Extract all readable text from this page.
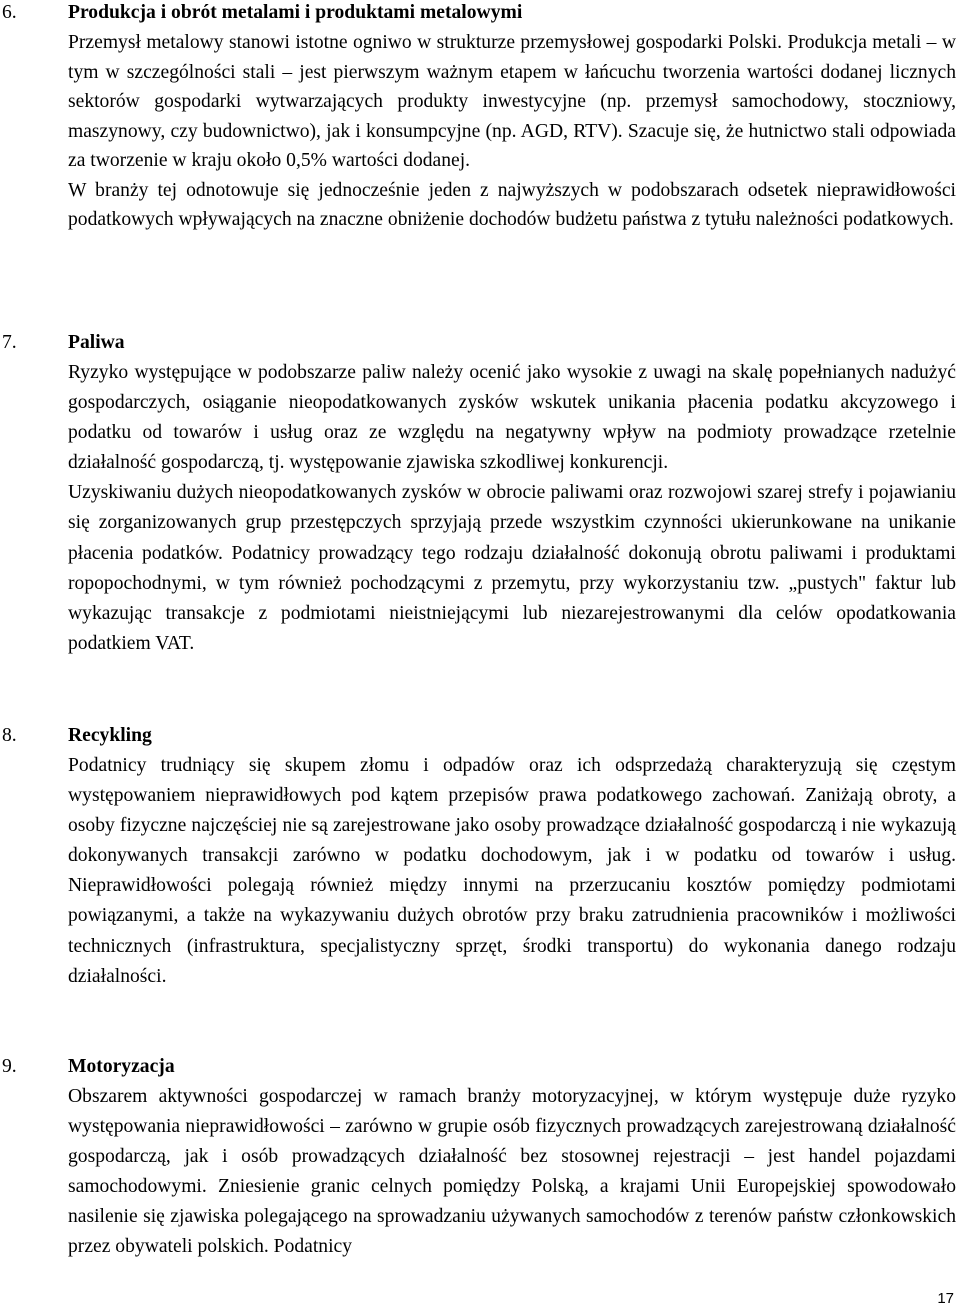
6.	Produkcja i obrót metalami i produktami metalowymi

Przemysł metalowy stanowi istotne ogniwo w strukturze przemysłowej gospodarki Polski. Produkcja metali – w tym w szczególności stali – jest pierwszym ważnym etapem w łańcuchu tworzenia wartości dodanej licznych sektorów gospodarki wytwarzających produkty inwestycyjne (np. przemysł samochodowy, stoczniowy, maszynowy, czy budownictwo), jak i konsumpcyjne (np. AGD, RTV). Szacuje się, że hutnictwo stali odpowiada za tworzenie w kraju około 0,5% wartości dodanej.

W branży tej odnotowuje się jednocześnie jeden z najwyższych w podobszarach odsetek nieprawidłowości podatkowych wpływających na znaczne obniżenie dochodów budżetu państwa z tytułu należności podatkowych.

7.	Paliwa

Ryzyko występujące w podobszarze paliw należy ocenić jako wysokie z uwagi na skalę popełnianych nadużyć gospodarczych, osiąganie nieopodatkowanych zysków wskutek unikania płacenia podatku akcyzowego i podatku od towarów i usług oraz ze względu na negatywny wpływ na podmioty prowadzące rzetelnie działalność gospodarczą, tj. występowanie zjawiska szkodliwej konkurencji.

Uzyskiwaniu dużych nieopodatkowanych zysków w obrocie paliwami oraz rozwojowi szarej strefy i pojawianiu się zorganizowanych grup przestępczych sprzyjają przede wszystkim czynności ukierunkowane na unikanie płacenia podatków. Podatnicy prowadzący tego rodzaju działalność dokonują obrotu paliwami i produktami ropopochodnymi, w tym również pochodzącymi z przemytu, przy wykorzystaniu tzw. „pustych" faktur lub wykazując transakcje z podmiotami nieistniejącymi lub niezarejestrowanymi dla celów opodatkowania podatkiem VAT.

8.	Recykling

Podatnicy trudniący się skupem złomu i odpadów oraz ich odsprzedażą charakteryzują się częstym występowaniem nieprawidłowych pod kątem przepisów prawa podatkowego zachowań. Zaniżają obroty, a osoby fizyczne najczęściej nie są zarejestrowane jako osoby prowadzące działalność gospodarczą i nie wykazują dokonywanych transakcji zarówno w podatku dochodowym, jak i w podatku od towarów i usług. Nieprawidłowości polegają również między innymi na przerzucaniu kosztów pomiędzy podmiotami powiązanymi, a także na wykazywaniu dużych obrotów przy braku zatrudnienia pracowników i możliwości technicznych (infrastruktura, specjalistyczny sprzęt, środki transportu) do wykonania danego rodzaju działalności.

9.	Motoryzacja

Obszarem aktywności gospodarczej w ramach branży motoryzacyjnej, w którym występuje duże ryzyko występowania nieprawidłowości – zarówno w grupie osób fizycznych prowadzących zarejestrowaną działalność gospodarczą, jak i osób prowadzących działalność bez stosownej rejestracji – jest handel pojazdami samochodowymi. Zniesienie granic celnych pomiędzy Polską, a krajami Unii Europejskiej spowodowało nasilenie się zjawiska polegającego na sprowadzaniu używanych samochodów z terenów państw członkowskich przez obywateli polskich. Podatnicy

17
